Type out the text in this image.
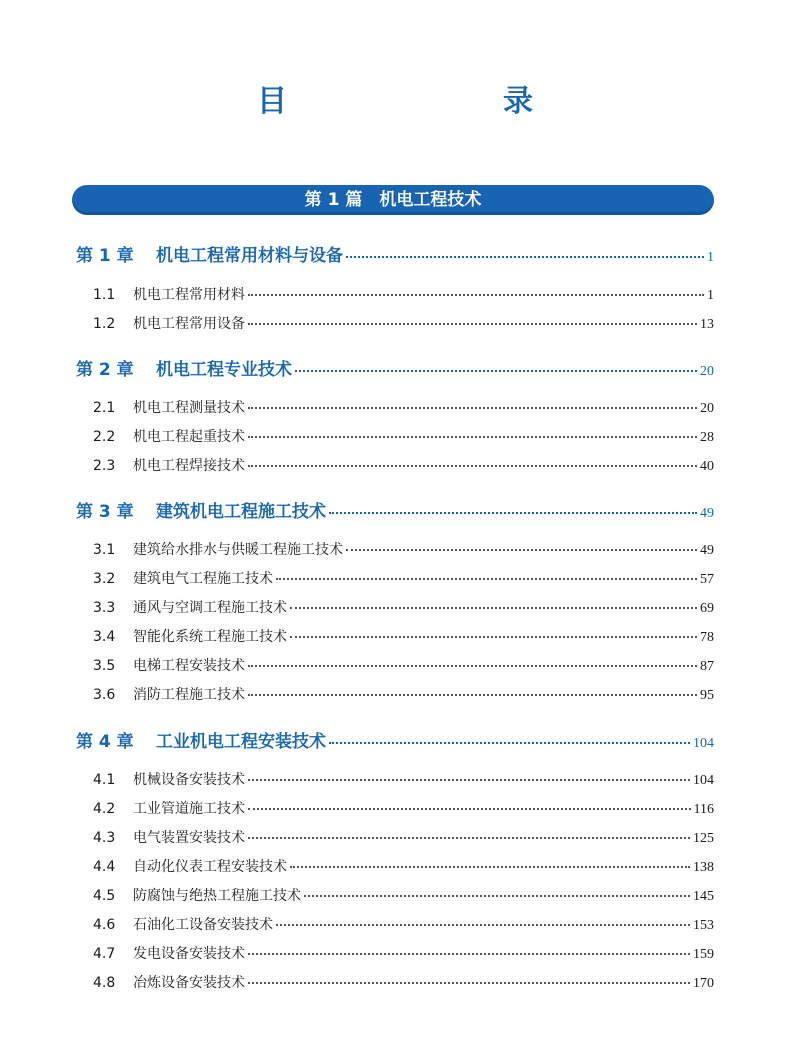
目　　录
第 1 篇　机电工程技术
第 1 章	机电工程常用材料与设备	1
1.1	机电工程常用材料	1
1.2	机电工程常用设备	13
第 2 章	机电工程专业技术	20
2.1	机电工程测量技术	20
2.2	机电工程起重技术	28
2.3	机电工程焊接技术	40
第 3 章	建筑机电工程施工技术	49
3.1	建筑给水排水与供暖工程施工技术	49
3.2	建筑电气工程施工技术	57
3.3	通风与空调工程施工技术	69
3.4	智能化系统工程施工技术	78
3.5	电梯工程安装技术	87
3.6	消防工程施工技术	95
第 4 章	工业机电工程安装技术	104
4.1	机械设备安装技术	104
4.2	工业管道施工技术	116
4.3	电气装置安装技术	125
4.4	自动化仪表工程安装技术	138
4.5	防腐蚀与绝热工程施工技术	145
4.6	石油化工设备安装技术	153
4.7	发电设备安装技术	159
4.8	冶炼设备安装技术	170
